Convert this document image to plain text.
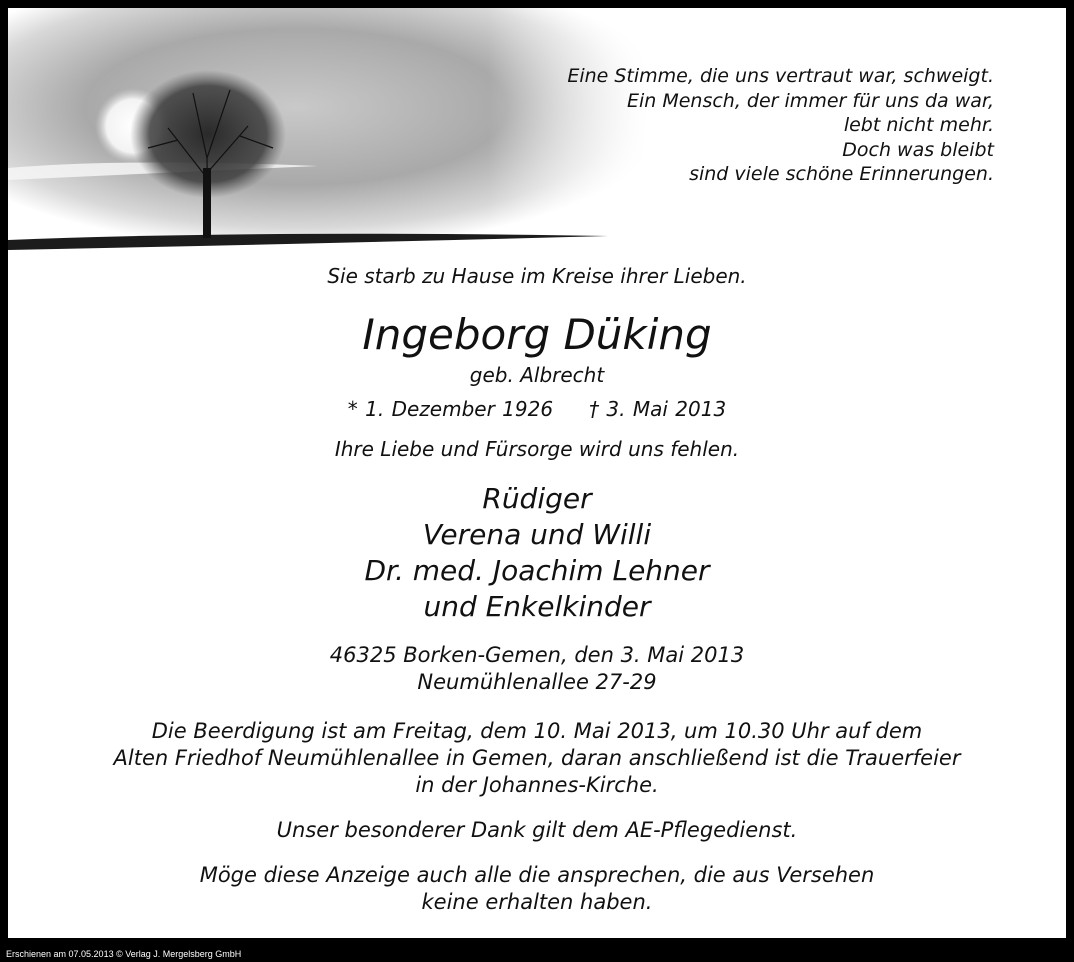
Eine Stimme, die uns vertraut war, schweigt.
Ein Mensch, der immer für uns da war,
lebt nicht mehr.
Doch was bleibt
sind viele schöne Erinnerungen.
Sie starb zu Hause im Kreise ihrer Lieben.
Ingeborg Düking
geb. Albrecht
* 1. Dezember 1926 † 3. Mai 2013
Ihre Liebe und Fürsorge wird uns fehlen.
Rüdiger
Verena und Willi
Dr. med. Joachim Lehner
und Enkelkinder
46325 Borken-Gemen, den 3. Mai 2013
Neumühlenallee 27-29
Die Beerdigung ist am Freitag, dem 10. Mai 2013, um 10.30 Uhr auf dem
Alten Friedhof Neumühlenallee in Gemen, daran anschließend ist die Trauerfeier
in der Johannes-Kirche.
Unser besonderer Dank gilt dem AE-Pflegedienst.
Möge diese Anzeige auch alle die ansprechen, die aus Versehen
keine erhalten haben.
Erschienen am 07.05.2013 © Verlag J. Mergelsberg GmbH
